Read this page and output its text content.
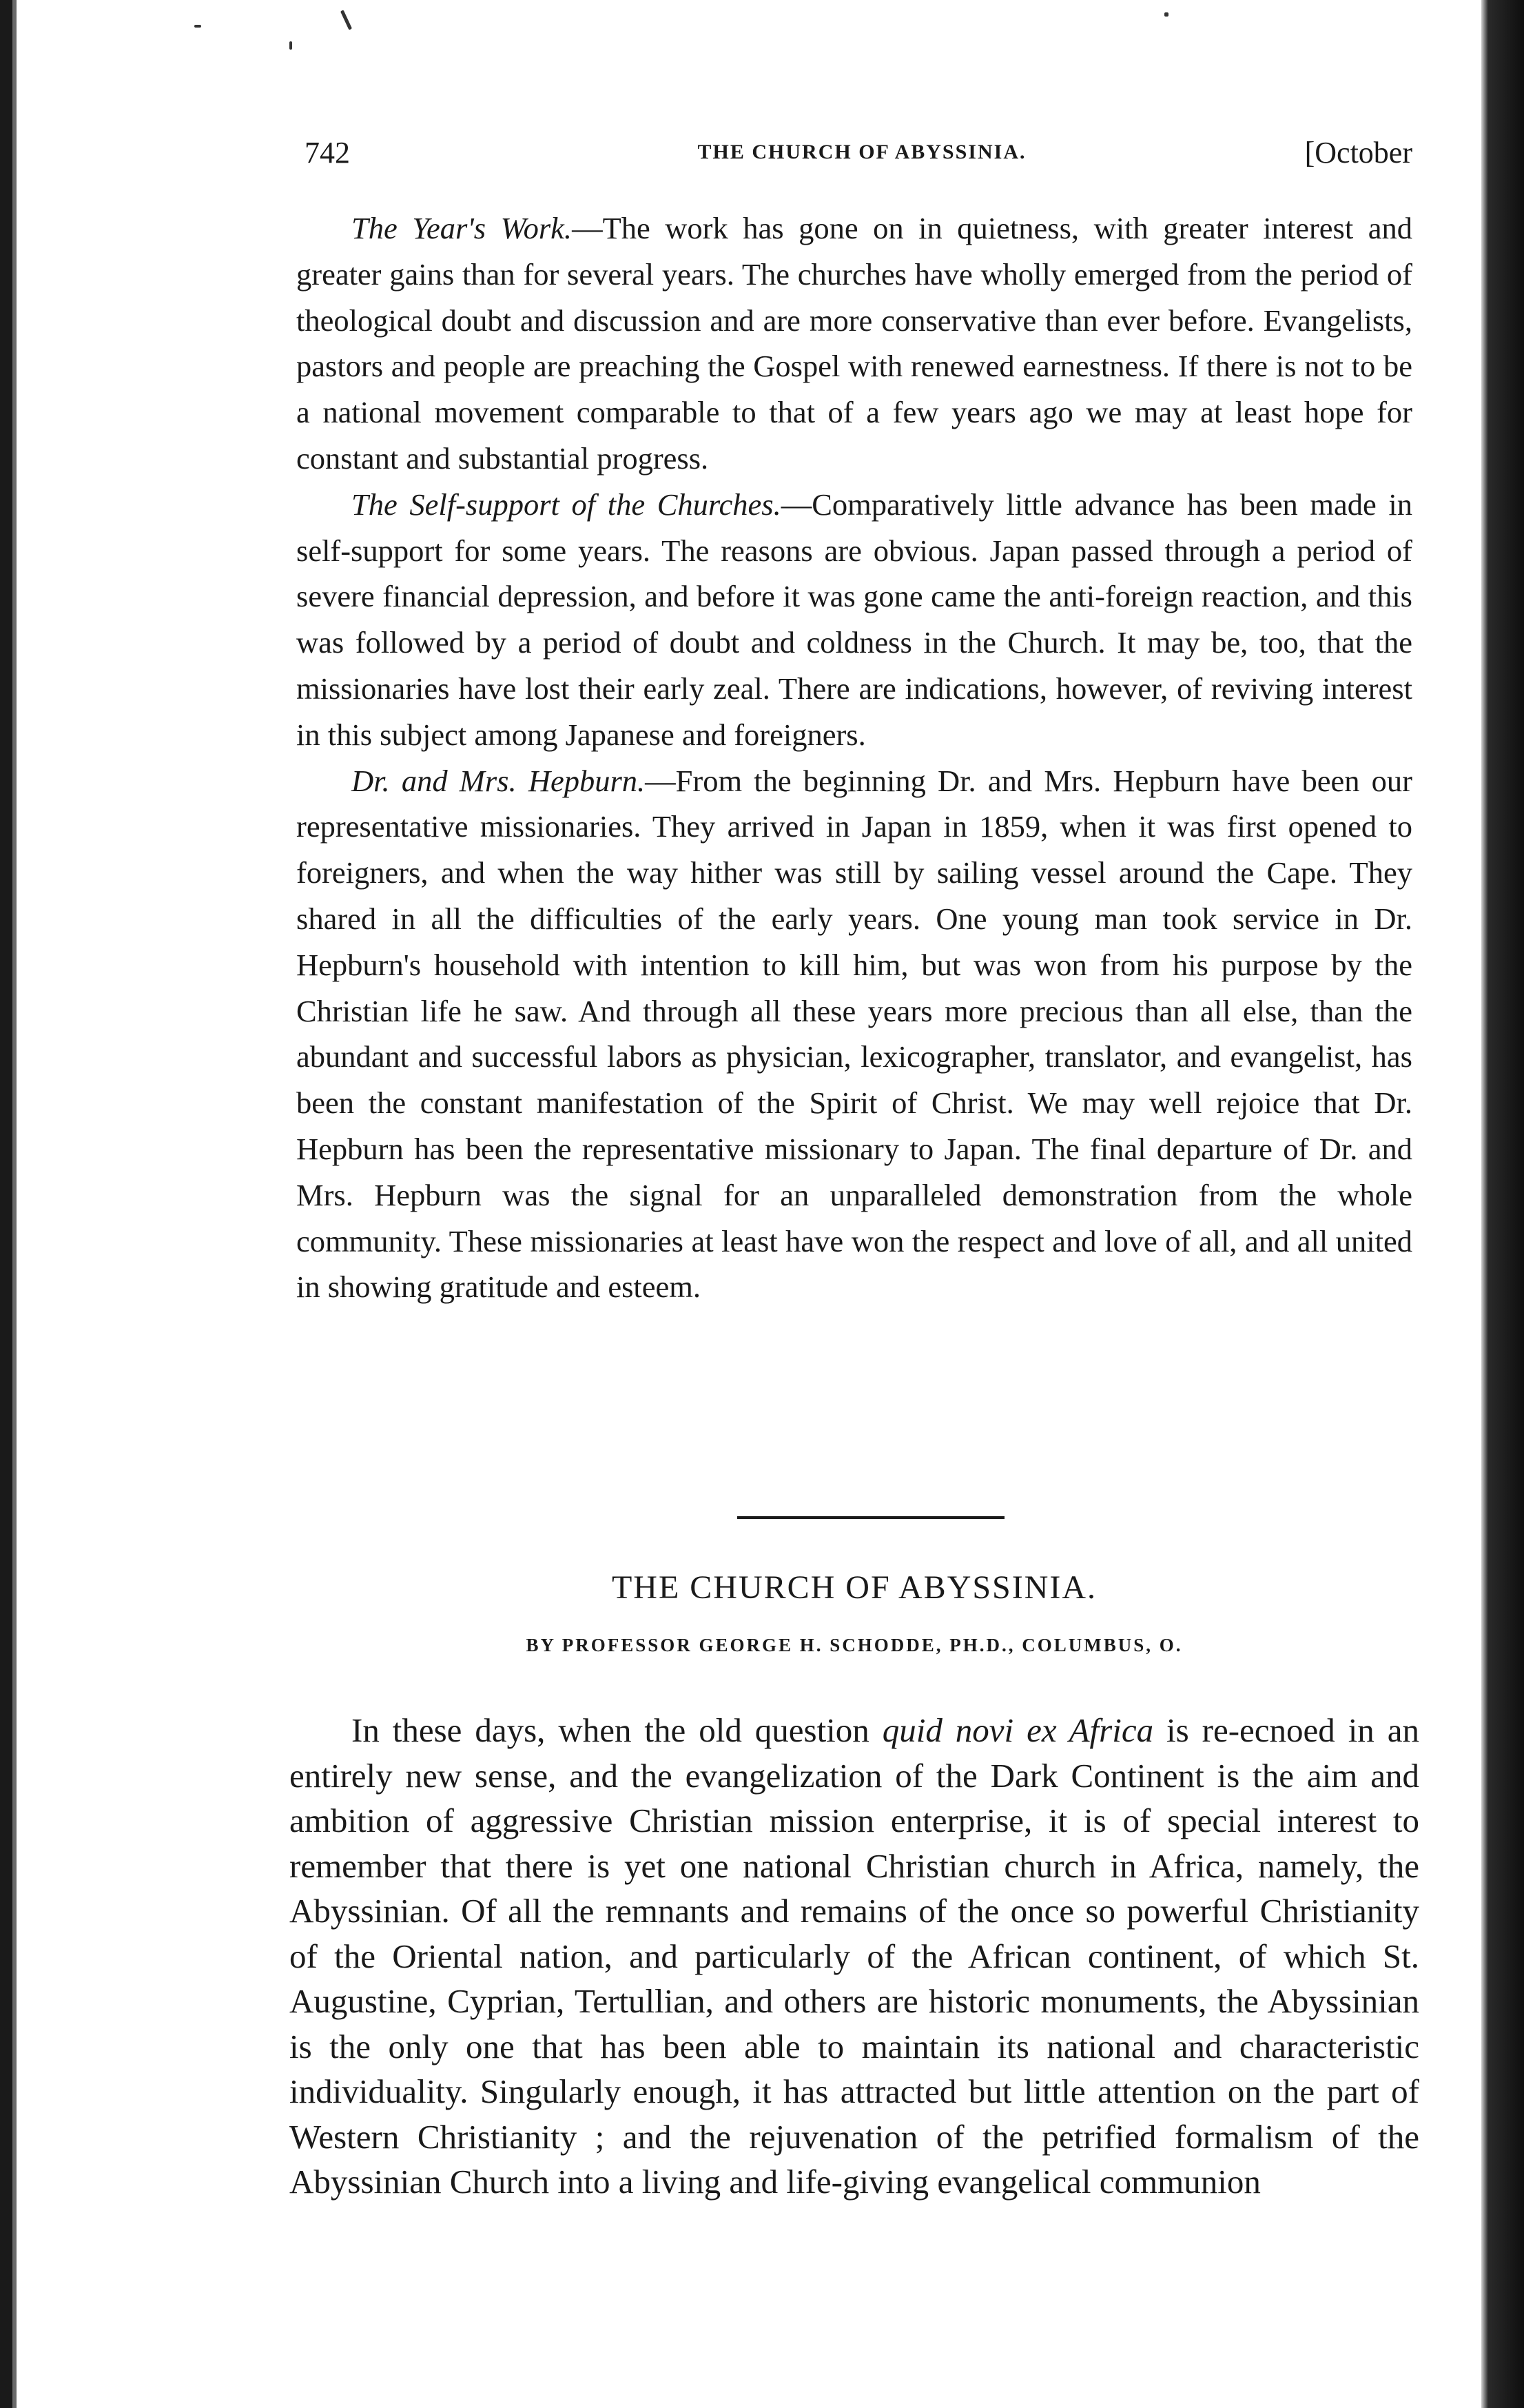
742	THE CHURCH OF ABYSSINIA.	[October

The Year's Work.—The work has gone on in quietness, with greater interest and greater gains than for several years. The churches have wholly emerged from the period of theological doubt and discussion and are more conservative than ever before. Evangelists, pastors and people are preaching the Gospel with renewed earnestness. If there is not to be a national movement comparable to that of a few years ago we may at least hope for constant and substantial progress.

The Self-support of the Churches.—Comparatively little advance has been made in self-support for some years. The reasons are obvious. Japan passed through a period of severe financial depression, and before it was gone came the anti-foreign reaction, and this was followed by a period of doubt and coldness in the Church. It may be, too, that the missionaries have lost their early zeal. There are indications, however, of reviving interest in this subject among Japanese and foreigners.

Dr. and Mrs. Hepburn.—From the beginning Dr. and Mrs. Hepburn have been our representative missionaries. They arrived in Japan in 1859, when it was first opened to foreigners, and when the way hither was still by sailing vessel around the Cape. They shared in all the difficulties of the early years. One young man took service in Dr. Hepburn's household with intention to kill him, but was won from his purpose by the Christian life he saw. And through all these years more precious than all else, than the abundant and successful labors as physician, lexicographer, translator, and evangelist, has been the constant manifestation of the Spirit of Christ. We may well rejoice that Dr. Hepburn has been the representative missionary to Japan. The final departure of Dr. and Mrs. Hepburn was the signal for an unparalleled demonstration from the whole community. These missionaries at least have won the respect and love of all, and all united in showing gratitude and esteem.

THE CHURCH OF ABYSSINIA.
BY PROFESSOR GEORGE H. SCHODDE, PH.D., COLUMBUS, O.

In these days, when the old question quid novi ex Africa is re-ecnoed in an entirely new sense, and the evangelization of the Dark Continent is the aim and ambition of aggressive Christian mission enterprise, it is of special interest to remember that there is yet one national Christian church in Africa, namely, the Abyssinian. Of all the remnants and remains of the once so powerful Christianity of the Oriental nation, and particularly of the African continent, of which St. Augustine, Cyprian, Tertullian, and others are historic monuments, the Abyssinian is the only one that has been able to maintain its national and characteristic individuality. Singularly enough, it has attracted but little attention on the part of Western Christianity ; and the rejuvenation of the petrified formalism of the Abyssinian Church into a living and life-giving evangelical communion
